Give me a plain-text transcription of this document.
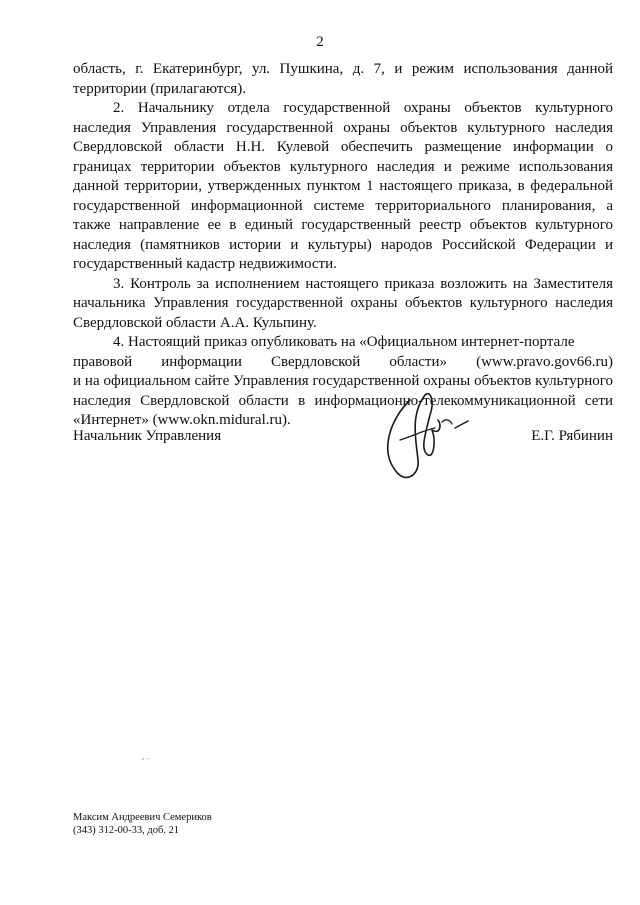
2

область, г. Екатеринбург, ул. Пушкина, д. 7, и режим использования данной территории (прилагаются).

2. Начальнику отдела государственной охраны объектов культурного наследия Управления государственной охраны объектов культурного наследия Свердловской области Н.Н. Кулевой обеспечить размещение информации о границах территории объектов культурного наследия и режиме использования данной территории, утвержденных пунктом 1 настоящего приказа, в федеральной государственной информационной системе территориального планирования, а также направление ее в единый государственный реестр объектов культурного наследия (памятников истории и культуры) народов Российской Федерации и государственный кадастр недвижимости.

3. Контроль за исполнением настоящего приказа возложить на Заместителя начальника Управления государственной охраны объектов культурного наследия Свердловской области А.А. Кульпину.

4. Настоящий приказ опубликовать на «Официальном интернет-портале

правовой информации Свердловской области» (www.pravo.gov66.ru)

и на официальном сайте Управления государственной охраны объектов культурного наследия Свердловской области в информационно-телекоммуникационной сети «Интернет» (www.okn.midural.ru).

Начальник Управления	Е.Г. Рябинин
Максим Андреевич Семериков
(343) 312-00-33, доб. 21
